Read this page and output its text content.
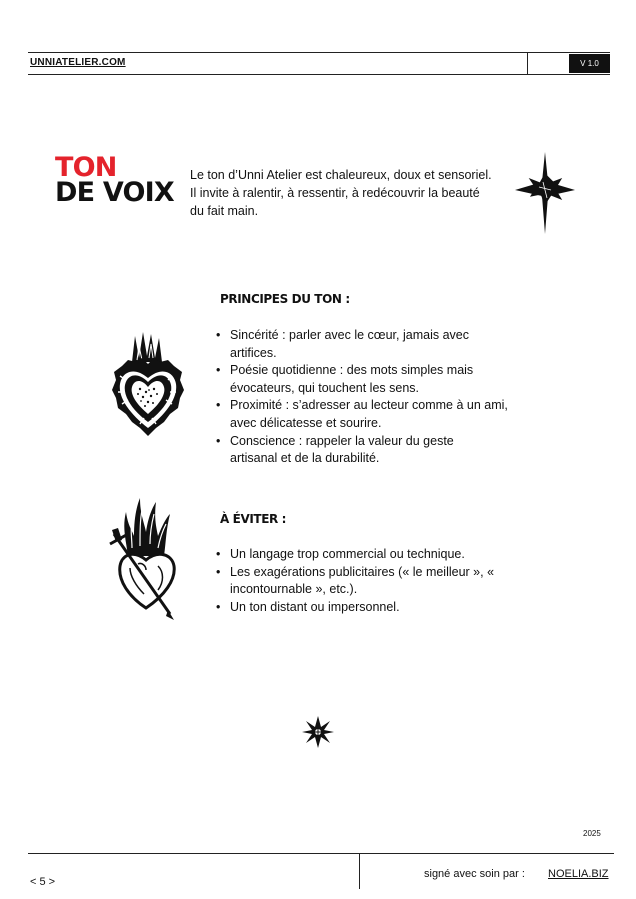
UNNIATELIER.COM	V 1.0
TON
DE VOIX
Le ton d’Unni Atelier est chaleureux, doux et sensoriel.
Il invite à ralentir, à ressentir, à redécouvrir la beauté
du fait main.
PRINCIPES DU TON :
• Sincérité : parler avec le cœur, jamais avec
artifices.
• Poésie quotidienne : des mots simples mais
évocateurs, qui touchent les sens.
• Proximité : s’adresser au lecteur comme à un ami,
avec délicatesse et sourire.
• Conscience : rappeler la valeur du geste
artisanal et de la durabilité.
À ÉVITER :
• Un langage trop commercial ou technique.
• Les exagérations publicitaires (« le meilleur », «
incontournable », etc.).
• Un ton distant ou impersonnel.
2025
< 5 >
signé avec soin par : NOELIA.BIZ
